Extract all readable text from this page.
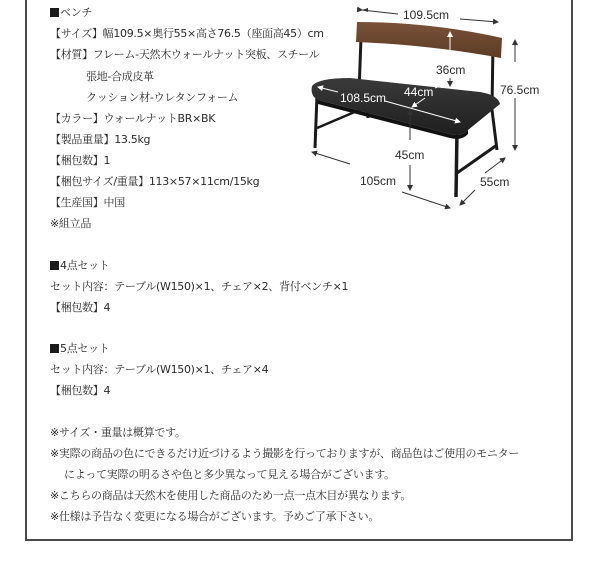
ベンチ
【サイズ】幅109.5×奥行55×高さ76.5（座面高45）cm
【材質】フレーム-天然木ウォールナット突板、スチール
張地-合成皮革
クッション材-ウレタンフォーム
【カラー】ウォールナットBR×BK
【製品重量】13.5kg
【梱包数】1
【梱包サイズ/重量】113×57×11cm/15kg
【生産国】中国
※組立品
4点セット
セット内容：テーブル(W150)×1、チェア×2、背付ベンチ×1
【梱包数】4
5点セット
セット内容：テーブル(W150)×1、チェア×4
【梱包数】4
※サイズ・重量は概算です。
※実際の商品の色にできるだけ近づけるよう撮影を行っておりますが、商品色はご使用のモニター
によって実際の明るさや色と多少異なって見える場合がございます。
※こちらの商品は天然木を使用した商品のため一点一点木目が異なります。
※仕様は予告なく変更になる場合がございます。予めご了承下さい。
109.5cm
36cm
76.5cm
108.5cm 44cm
45cm
105cm	55cm
